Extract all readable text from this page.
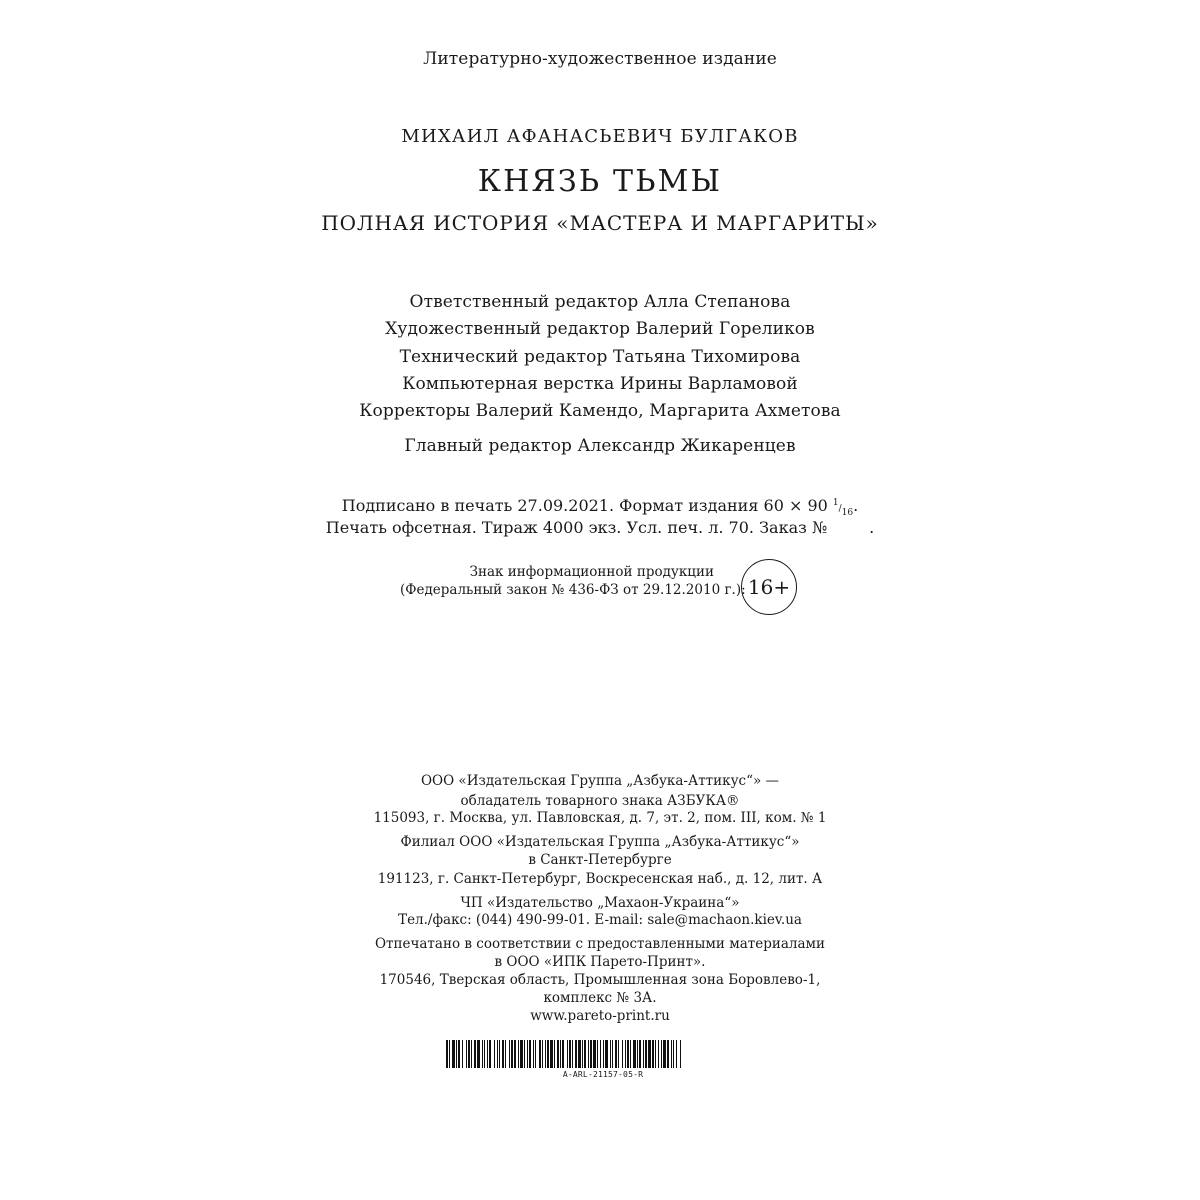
Литературно-художественное издание
МИХАИЛ АФАНАСЬЕВИЧ БУЛГАКОВ
КНЯЗЬ ТЬМЫ
ПОЛНАЯ ИСТОРИЯ «МАСТЕРА И МАРГАРИТЫ»
Ответственный редактор Алла Степанова
Художественный редактор Валерий Гореликов
Технический редактор Татьяна Тихомирова
Компьютерная верстка Ирины Варламовой
Корректоры Валерий Камендо, Маргарита Ахметова
Главный редактор Александр Жикаренцев
Подписано в печать 27.09.2021. Формат издания 60 × 90 $^1/_{16}$.
Печать офсетная. Тираж 4000 экз. Усл. печ. л. 70. Заказ №	.
Знак информационной продукции
(Федеральный закон № 436-ФЗ от 29.12.2010 г.): 16+
ООО «Издательская Группа „Азбука-Аттикус“» —
обладатель товарного знака АЗБУКА®
115093, г. Москва, ул. Павловская, д. 7, эт. 2, пом. III, ком. № 1
Филиал ООО «Издательская Группа „Азбука-Аттикус“»
в Санкт-Петербурге
191123, г. Санкт-Петербург, Воскресенская наб., д. 12, лит. А
ЧП «Издательство „Махаон-Украина“»
Тел./факс: (044) 490-99-01. E-mail: sale@machaon.kiev.ua
Отпечатано в соответствии с предоставленными материалами
в ООО «ИПК Парето-Принт».
170546, Тверская область, Промышленная зона Боровлево-1,
комплекс № 3А.
www.pareto-print.ru
A-ARL-21157-05-R
